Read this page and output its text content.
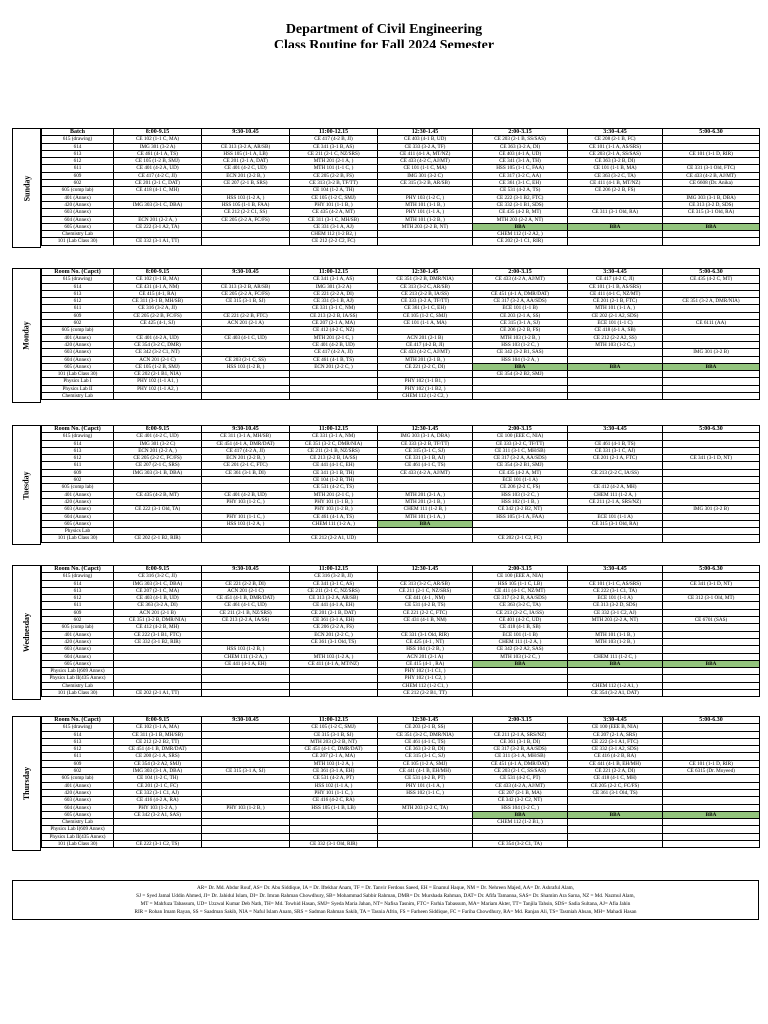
Department of Civil Engineering
Class Routine for Fall 2024 Semester
Sunday
Batch	8:00-9.15	9:30-10.45	11:00-12.15	12:30-1.45	2:00-3.15	3:30-4.45	5:00-6.30
615 (drawing)	CE 102 (1-1 C, MA)		CE 417 (4-2 B, JI)	CE 403 (4-1 B, UD)	CE 203 (2-1 B, SS/SAS)	CE 208 (2-1 B, FC)	
614	IMG 301 (3-2 A)	CE 313 (3-2 A, AR/SB)	CE 341 (3-1 B, AS)	CE 333 (3-2 A, TF)	CE 363 (3-2 A, DI)	CE 101 (1-1 A, AS/SRS)	
613	CE 461 (4-1 A, TS)	HSS 105 (1-1 A, LB)	CE 211 (2-1 C, NZ/SRS)	CE 411 (4-1 A, MT/NZ)	CE 403 (4-1 A, UD)	CE 203 (2-1 A, SS/SAS)	CE 101 (1-1 D, RIR)
612	CE 105 (1-2 B, SMJ)	CE 201 (2-1 A, DAT)	MTH 201 (2-1 A, )	CE 433 (4-2 C, AJ/MT)	CE 341 (3-1 A, TH)	CE 363 (3-2 B, DI)	
611	CE 401 (4-2 A, UD)	CE 401 (4-2 C, UD)	MTH 101 (1-1 C, )	CE 101 (1-1 C, MA)	HSS 105 (1-1 C, FAA)	CE 101 (1-1 B, MA)	CE 331 (3-1 Old, FTC)
609	CE 417 (4-2 C, JI)	ECN 201 (2-2 B, )	CE 205 (2-2 B, FS)	IMG 301 (3-2 C)	CE 317 (3-2 C, AA)	CE 363 (3-2 C, TA)	CE 433 (4-2 B, AJ/MT)
602	CE 201 (2-1 C, DAT)	CE 207 (2-1 B, SRS)	CE 313 (3-2 B, TF/TT)	CE 315 (3-2 B, AR/SB)	CE 361 (3-1 C, EH)	CE 411 (4-1 B, MT/NZ)	CE 6608 (Dr. Anika)
605 (comp lab)	CE 418 (4-1 C, MH)		CE 104 (1-2 A, TH)		CE 531 (4-2 A, TS)	CE 206 (2-2 B, FS)	
401 (Annex)		HSS 103 (1-2 A, )	CE 105 (1-2 C, SMJ)	PHY 103 (1-2 C, )	CE 222 (3-1 B2, FTC)		IMG 303 (3-1 B, DBA)
420 (Annex)	IMG 303 (3-1 C, DBA)	HSS 105 (1-1 B, FAA)	PHY 101 (1-1 B, )	MTH 101 (1-1 B, )	CE 332 (3-1 B1, SDS)		CE 313 (3-2 D, SDS)
603 (Annex)		CE 212 (2-2 C1, SS)	CE 435 (4-2 A, MT)	PHY 101 (1-1 A, )	CE 435 (4-2 B, MT)	CE 311 (3-1 Old, RA)	CE 315 (3-1 Old, RA)
604 (Annex)	ECN 201 (2-2 A, )	CE 205 (2-2 A, FC/FS)	CE 311 (3-1 C, MH/SB)	MTH 101 (1-2 B, )	MTH 203 (2-2 A, NT)		
605 (Annex)	CE 222 (3-1 A2, TA)		CE 331 (3-1 A, AJ)	MTH 203 (2-2 B, NT)	BBA	BBA	BBA
Chemistry Lab			CHEM 112 (1-2 B2, )		CHEM 112 (1-2 A2, )		
101 (Lab Class 30)	CE 332 (3-1 A1, TT)		CE 212 (2-2 C2, FC)		CE 202 (2-1 C1, RIR)		
Monday
Room No. (Capct)	8:00-9.15	9:30-10.45	11:00-12.15	12:30-1.45	2:00-3.15	3:30-4.45	5:00-6.30
615 (drawing)	CE 102 (1-1 B, MA)		CE 341 (3-1 A, AS)	CE 351 (3-2 B, DMR/NIA)	CE 433 (4-2 A, AJ/MT)	CE 417 (4-2 C, JI)	CE 435 (4-2 C, MT)
614	CE 431 (4-1 A, NM)	CE 313 (3-2 B, AR/SB)	IMG 301 (3-2 A)	CE 313 (3-2 C, AR/SB)		CE 101 (1-1 B, AS/SRS)	
613	CE 415 (4-1, RA)	CE 205 (2-2 A, FC/FS)	CE 221 (2-2 A, DI)	CE 213 (2-2 B, IA/SS)	CE 451 (4-1 A, DMR/DAT)	CE 411 (4-1 C, NZ/MT)	
612	CE 311 (3-1 B, MH/SB)	CE 315 (3-1 B, SJ)	CE 331 (3-1 B, AJ)	CE 333 (3-2 A, TF/TT)	CE 317 (3-2 A, AA/SDS)	CE 201 (2-1 B, FTC)	CE 351 (3-2 A, DMR/NIA)
611	CE 316 (3-2 A, JI)		CE 331 (3-1 C, NM)	CE 361 (3-1 C, EH)	ECE 101 (1-1 B)	MTH 101 (1-1 A, )	
609	CE 205 (2-2 B, FC/FS)	CE 221 (2-2 B, FTC)	CE 213 (2-2 B, IA/SS)	CE 105 (1-2 C, SMJ)	CE 203 (2-1 A, SS)	CE 202 (2-1 A2, SDS)	
602	CE 425 (4-1, SJ)	ACN 201 (2-1 A)	CE 207 (2-1 A, MA)	CE 101 (1-1 A, MA)	CE 315 (3-1 A, SJ)	ECE 101 (1-1 C)	CE 6111 (AA)
605 (comp lab)			CE 412 (4-2 C, NZ)		CE 206 (2-2 B, FS)	CE 418 (4-1 A, SB)	
401 (Annex)	CE 401 (4-2 A, UD)	CE 403 (4-1 C, UD)	MTH 201 (2-1 C, )	ACN 201 (2-1 B)	MTH 103 (1-2 B, )	CE 212 (2-2 A2, SS)	
420 (Annex)	CE 354 (3-2 C, DMR)		CE 401 (4-2 B, UD)	CE 417 (4-2 B, JI)	HSS 103 (1-2 C, )	MTH 103 (1-2 C, )	
603 (Annex)	CE 342 (3-2 C1, NT)		CE 417 (4-2 A, JI)	CE 433 (4-2 C, AJ/MT)	CE 342 (3-2 B1, SAS)		IMG 301 (3-2 B)
604 (Annex)	ACN 201 (2-1 C)	CE 203 (2-1 C, SS)	CE 461 (4-1 B, TS)	MTH 201 (2-1 B, )	HSS 104 (1-2 A, )		
605 (Annex)	CE 105 (1-2 B, SMJ)	HSS 103 (1-2 B, )	ECN 201 (2-2 C, )	CE 221 (2-2 C, DI)	BBA	BBA	BBA
101 (Lab Class 30)	CE 202 (2-1 B1, NIA)				CE 354 (3-2 B2, SMJ)		
Physics Lab I	PHY 102 (1-1 A1, )			PHY 102 (1-1 B1, )			
Physics Lab II	PHY 102 (1-1 A2, )			PHY 102 (1-1 B2, )			
Chemistry Lab				CHEM 112 (1-2 C2, )			
Tuesday
Room No. (Capct)	8:00-9.15	9:30-10.45	11:00-12.15	12:30-1.45	2:00-3.15	3:30-4.45	5:00-6.30
615 (drawing)	CE 401 (4-2 C, UD)	CE 311 (3-1 A, MH/SB)	CE 331 (3-1 A, NM)	IMG 303 (3-1 A, DBA)	CE 100 (EEE C, NIA)		
614	IMG 301 (3-2 C)	CE 451 (4-1 A, DMR/DAT)	CE 351 (3-2 C, DMR/NIA)	CE 333 (3-2 B, TF/TT)	CE 333 (3-2 C, TF/TT)	CE 461 (4-1 B, TS)	
613	ECN 201 (2-2 A, )	CE 417 (4-2 A, JI)	CE 211 (2-1 B, NZ/SRS)	CE 315 (3-1 C, SJ)	CE 311 (3-1 C, MH/SB)	CE 331 (3-1 C, AJ)	
612	CE 205 (2-2 C, FC/FS)	ECN 201 (2-2 B, )	CE 213 (2-2 B, IA/SS)	CE 331 (3-1 B, AJ)	CE 317 (3-2 A, AA/SDS)	CE 201 (2-1 A, FTC)	CE 341 (3-1 D, NT)
611	CE 207 (2-1 C, SRS)	CE 201 (2-1 C, FTC)	CE 441 (4-1 C, EH)	CE 461 (4-1 C, TS)	CE 354 (3-2 B1, SMJ)		
609	IMG 303 (3-1 B, DBA)	CE 361 (3-1 B, DI)	CE 341 (3-1 B, TH)	CE 433 (4-2 A, AJ/MT)	CE 435 (4-2 A, MT)	CE 213 (2-2 C, IA/SS)	
602			CE 104 (1-2 B, TH)		ECE 101 (1-1 A)		
605 (comp lab)			CE 531 (4-2 C, TS)		CE 206 (2-2 C, FS)	CE 412 (4-2 A, MH)	
401 (Annex)	CE 435 (4-2 B, MT)	CE 401 (4-2 B, UD)	MTH 201 (2-1 C, )	MTH 201 (2-1 A, )	HSS 103 (1-2 C, )	CHEM 111 (1-2 A, )	
420 (Annex)		PHY 103 (1-2 C, )	PHY 101 (1-1 B, )	MTH 201 (2-1 B, )	HSS 102 (1-1 B, )	CE 211 (2-1 A, SRS/NZ)	
603 (Annex)	CE 222 (3-1 Old, TA)		PHY 103 (1-2 B, )	CHEM 111 (1-2 B, )	CE 342 (3-2 B2, NT)		IMG 301 (3-2 B)
604 (Annex)		PHY 101 (1-1 C, )	CE 461 (4-1 A, TS)	MTH 101 (1-1 A, )	HSS 105 (1-1 A, FAA)	ECE 101 (1-1 A)	
605 (Annex)		HSS 103 (1-2 A, )	CHEM 111 (1-2 A, )	BBA		CE 315 (3-1 Old, RA)	
Physics Lab							
101 (Lab Class 30)	CE 202 (2-1 B2, RIR)		CE 212 (2-2 A1, UD)		CE 202 (2-1 C2, FC)		
Wednesday
Room No. (Capct)	8:00-9.15	9:30-10.45	11:00-12.15	12:30-1.45	2:00-3.15	3:30-4.45	5:00-6.30
615 (drawing)	CE 316 (3-2 C, JI)		CE 316 (3-2 B, JI)		CE 100 (EEE A, NIA)		
614	IMG 303 (3-1 C, DBA)	CE 221 (2-2 B, DI)	CE 341 (3-1 C, AS)	CE 313 (3-2 C, AR/SB)	HSS 105 (1-1 C, LB)	CE 101 (1-1 C, AS/SRS)	CE 341 (3-1 D, NT)
613	CE 207 (2-1 C, MA)	ACN 201 (2-1 C)	CE 211 (2-1 C, NZ/SRS)	CE 211 (2-1 C, NZ/SRS)	CE 411 (4-1 C, NZ/MT)	CE 222 (3-1 C1, TA)	
612	CE 403 (4-1 B, UD)	CE 451 (4-1 B, DMR/DAT)	CE 313 (3-2 A, AR/SB)	CE 441 (4-1 , NM)	CE 317 (3-2 B, AA/SDS)	ECE 101 (1-1 A)	CE 312 (3-1 Old, MT)
611	CE 363 (3-2 A, DI)	CE 461 (4-1 C, UD)	CE 441 (4-1 A, EH)	CE 531 (4-2 B, TS)	CE 363 (3-2 C, TA)	CE 313 (3-2 D, SDS)	
609	ACN 201 (2-1 B)	CE 211 (2-1 B, NZ/SRS)	CE 201 (2-1 B, DAT)	CE 221 (2-2 C, FTC)	CE 213 (2-2 C, IA/SS)	CE 332 (3-1 C2, AJ)	
602	CE 351 (3-2 B, DMR/NIA)	CE 213 (2-2 A, IA/SS)	CE 361 (3-1 A, EH)	CE 431 (4-1 B, NM)	CE 401 (4-2 C, UD)	MTH 203 (2-2 A, NT)	CE 6701 (SAS)
605 (comp lab)	CE 412 (4-2 B, MH)		CE 206 (2-2 A, FS)		CE 418 (4-1 B, SB)		
401 (Annex)	CE 222 (3-1 B1, FTC)		ECN 201 (2-2 C, )	CE 331 (3-1 Old, RIR)	ECE 101 (1-1 B)	MTH 101 (1-1 B, )	
420 (Annex)	CE 332 (3-1 B2, RIR)		CE 361 (3-1 Old, TS)	CE 425 (4-1 , NT)	CHEM 111 (1-2 A, )	MTH 103 (1-2 B, )	
603 (Annex)		HSS 103 (1-2 B, )		HSS 104 (1-2 B, )	CE 342 (3-2 A2, SAS)		
604 (Annex)		CHEM 111 (1-2 A, )	MTH 103 (1-2 A, )	ACN 201 (2-1 A)	MTH 103 (1-2 C, )	CHEM 111 (1-2 C, )	
605 (Annex)		CE 441 (4-1 A, EH)	CE 411 (4-1 A, MT/NZ)	CE 415 (4-1 , RA)	BBA	BBA	BBA
Physics Lab I(609 Annex)				PHY 102 (1-1 C1, )			
Physics Lab II(435 Annex)				PHY 102 (1-1 C2, )			
Chemistry Lab				CHEM 112 (1-2 C1, )		CHEM 112 (1-2 A1, )	
101 (Lab Class 30)	CE 202 (2-1 A1, TT)			CE 212 (2-2 B1, TT)		CE 354 (3-2 A1, DAT)	
Thursday
Room No. (Capct)	8:00-9.15	9:30-10.45	11:00-12.15	12:30-1.45	2:00-3.15	3:30-4.45	5:00-6.30
615 (drawing)	CE 102 (1-1 A, MA)		CE 105 (1-2 C, SMJ)	CE 203 (2-1 B, SS)		CE 100 (EEE B, NIA)	
614	CE 311 (3-1 B, MH/SB)		CE 315 (3-1 B, SJ)	CE 351 (3-2 C, DMR/NIA)	CE 211 (2-1 A, SRS/NZ)	CE 207 (2-1 A, SRS)	
613	CE 212 (2-2 B2, TT)		MTH 203 (2-2 B, NT)	CE 461 (4-1 C, TS)	CE 361 (3-1 B, DI)	CE 222 (3-1 A1, FTC)	
612	CE 451 (4-1 B, DMR/DAT)		CE 451 (4-1 C, DMR/DAT)	CE 363 (3-2 B, DI)	CE 317 (3-2 B, AA/SDS)	CE 332 (3-1 A2, SDS)	
611	CE 200 (2-1 A, SRS)		CE 207 (2-1 A, MA)	CE 315 (3-1 C, SJ)	CE 311 (3-1 A, MH/SB)	CE 416 (4-2 B, RA)	
609	CE 354 (3-2 A2, SMJ)		MTH 103 (1-2 A, )	CE 105 (1-2 A, SMJ)	CE 451 (4-1 A, DMR/DAT)	CE 441 (4-1 B, EH/MH)	CE 101 (1-1 D, RIR)
602	IMG 303 (3-1 A, DBA)	CE 315 (3-1 A, SJ)	CE 361 (3-1 A, EH)	CE 441 (4-1 B, EH/MH)	CE 203 (2-1 C, SS/SAS)	CE 221 (2-2 A, DI)	CE 6315 (Dr. Moyeed)
605 (comp lab)	CE 104 (1-2 C, TH)		CE 531 (4-2 A, PT)	CE 531 (4-2 B, PT)	CE 531 (4-2 C, PT)	CE 418 (4-1 C, MH)	
401 (Annex)	CE 201 (2-1 C, FC)		HSS 102 (1-1 A, )	PHY 101 (1-1 A, )	CE 433 (4-2 A, AJ/MT)	CE 205 (2-2 C, FC/FS)	
420 (Annex)	CE 332 (3-1 C1, AJ)		PHY 101 (1-1 C, )	HSS 102 (1-1 C, )	CE 207 (2-1 B, MA)	CE 361 (3-1 Old, TS)	
603 (Annex)	CE 416 (4-2 A, RA)		CE 416 (4-2 C, RA)		CE 342 (3-2 C2, NT)		
604 (Annex)	PHY 103 (1-2 A, )	PHY 103 (1-2 B, )	HSS 105 (1-1 B, LB)	MTH 203 (2-2 C, TA)	HSS 104 (1-2 C, )		
605 (Annex)	CE 342 (3-2 A1, SAS)				BBA	BBA	BBA
Chemistry Lab					CHEM 112 (1-2 B1, )		
Physics Lab I(609 Annex)							
Physics Lab II(435 Annex)							
101 (Lab Class 30)	CE 222 (3-1 C2, TS)		CE 332 (3-1 Old, RIR)		CE 354 (3-2 C1, TA)		
AR= Dr. Md. Abdur Rouf, AS= Dr. Abu Siddique, IA = Dr. Iftekhar Anam, TF = Dr. Tanvir Ferdous Saeed, EH = Enamul Haque, NM = Dr. Nehreen Majed, AA= Dr. Ashraful Alam,
SJ = Syed Jamal Uddin Ahmed, JI= Dr. Jahidul Islam, DI= Dr. Imran Rahman Chowdhury, SB= Mohammad Sabbir Rahman, DMR= Dr. Murshada Rahman, DAT= Dr. Afifa Tamanna, SAS= Dr. Shamim Ara Sarna, NZ = Md. Nazmul Alam,
MT = Mahfuza Tabassum, UD= Uzzwal Kumar Deb Nath, TH= Md. Towhid Hasan, SMJ= Syeda Maria Jahan, NT= Nafisa Tasnim, FTC= Farhia Tabassum, MA= Mariam Akter, TT= Tanjila Tahsin, SDS= Sadia Sultana, AJ= Afia Jahin
RIR = Rohan Imam Rayan, SS = Saadman Sakib, NIA = Naful Islam Anam, SRS = Sadman Rahman Sakib, TA = Tasnia Afrin, FS = Farheen Siddique, FC = Fariha Chowdhury, RA= Md. Ranjan Ali, TS= Tasmiah Ahsan, MH= Mahadi Hasan
